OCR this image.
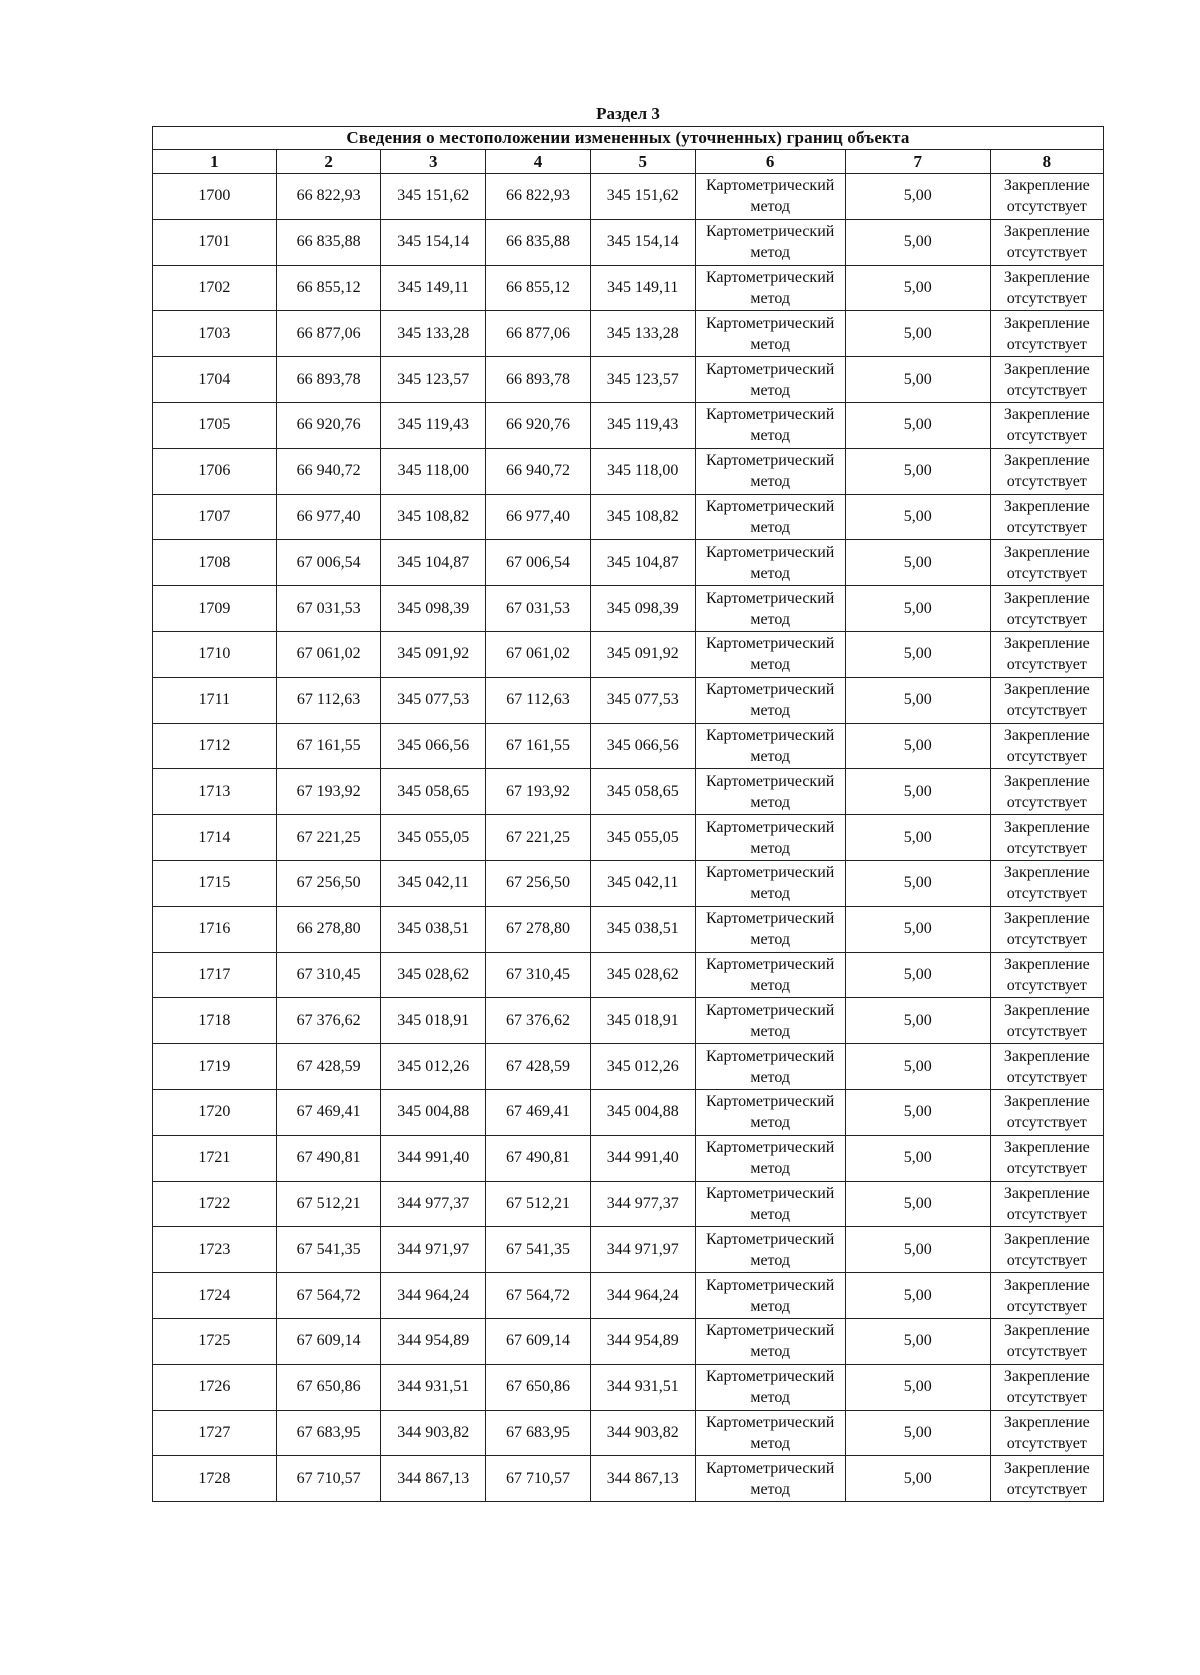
Раздел 3
Сведения о местоположении измененных (уточненных) границ объекта							
1	2	3	4	5	6	7	8
1700	66 822,93	345 151,62	66 822,93	345 151,62	Картометрический метод	5,00	Закрепление отсутствует
1701	66 835,88	345 154,14	66 835,88	345 154,14	Картометрический метод	5,00	Закрепление отсутствует
1702	66 855,12	345 149,11	66 855,12	345 149,11	Картометрический метод	5,00	Закрепление отсутствует
1703	66 877,06	345 133,28	66 877,06	345 133,28	Картометрический метод	5,00	Закрепление отсутствует
1704	66 893,78	345 123,57	66 893,78	345 123,57	Картометрический метод	5,00	Закрепление отсутствует
1705	66 920,76	345 119,43	66 920,76	345 119,43	Картометрический метод	5,00	Закрепление отсутствует
1706	66 940,72	345 118,00	66 940,72	345 118,00	Картометрический метод	5,00	Закрепление отсутствует
1707	66 977,40	345 108,82	66 977,40	345 108,82	Картометрический метод	5,00	Закрепление отсутствует
1708	67 006,54	345 104,87	67 006,54	345 104,87	Картометрический метод	5,00	Закрепление отсутствует
1709	67 031,53	345 098,39	67 031,53	345 098,39	Картометрический метод	5,00	Закрепление отсутствует
1710	67 061,02	345 091,92	67 061,02	345 091,92	Картометрический метод	5,00	Закрепление отсутствует
1711	67 112,63	345 077,53	67 112,63	345 077,53	Картометрический метод	5,00	Закрепление отсутствует
1712	67 161,55	345 066,56	67 161,55	345 066,56	Картометрический метод	5,00	Закрепление отсутствует
1713	67 193,92	345 058,65	67 193,92	345 058,65	Картометрический метод	5,00	Закрепление отсутствует
1714	67 221,25	345 055,05	67 221,25	345 055,05	Картометрический метод	5,00	Закрепление отсутствует
1715	67 256,50	345 042,11	67 256,50	345 042,11	Картометрический метод	5,00	Закрепление отсутствует
1716	66 278,80	345 038,51	67 278,80	345 038,51	Картометрический метод	5,00	Закрепление отсутствует
1717	67 310,45	345 028,62	67 310,45	345 028,62	Картометрический метод	5,00	Закрепление отсутствует
1718	67 376,62	345 018,91	67 376,62	345 018,91	Картометрический метод	5,00	Закрепление отсутствует
1719	67 428,59	345 012,26	67 428,59	345 012,26	Картометрический метод	5,00	Закрепление отсутствует
1720	67 469,41	345 004,88	67 469,41	345 004,88	Картометрический метод	5,00	Закрепление отсутствует
1721	67 490,81	344 991,40	67 490,81	344 991,40	Картометрический метод	5,00	Закрепление отсутствует
1722	67 512,21	344 977,37	67 512,21	344 977,37	Картометрический метод	5,00	Закрепление отсутствует
1723	67 541,35	344 971,97	67 541,35	344 971,97	Картометрический метод	5,00	Закрепление отсутствует
1724	67 564,72	344 964,24	67 564,72	344 964,24	Картометрический метод	5,00	Закрепление отсутствует
1725	67 609,14	344 954,89	67 609,14	344 954,89	Картометрический метод	5,00	Закрепление отсутствует
1726	67 650,86	344 931,51	67 650,86	344 931,51	Картометрический метод	5,00	Закрепление отсутствует
1727	67 683,95	344 903,82	67 683,95	344 903,82	Картометрический метод	5,00	Закрепление отсутствует
1728	67 710,57	344 867,13	67 710,57	344 867,13	Картометрический метод	5,00	Закрепление отсутствует
